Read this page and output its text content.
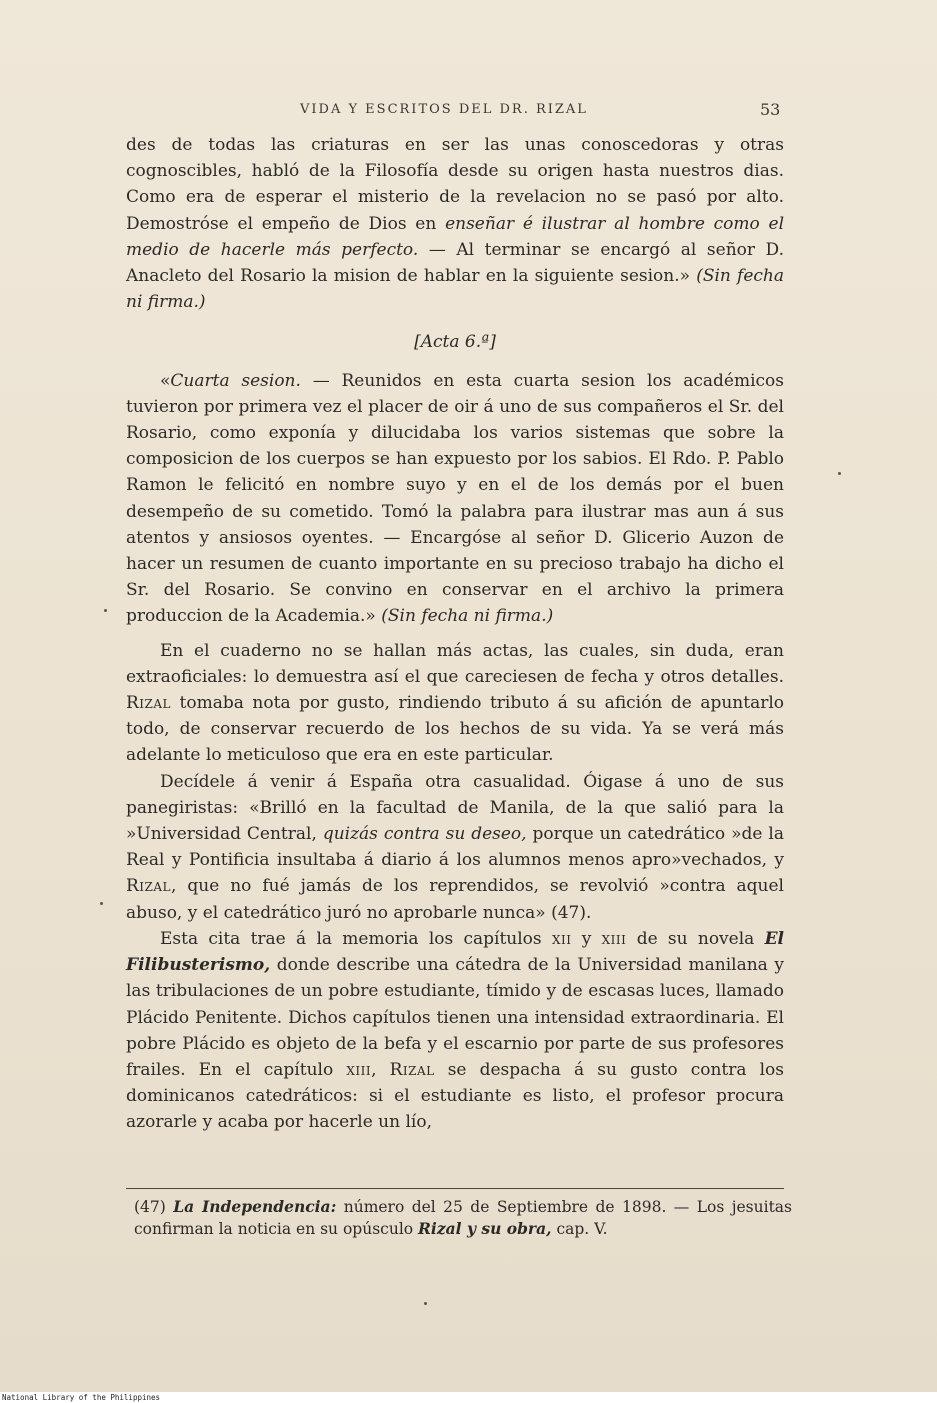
VIDA Y ESCRITOS DEL DR. RIZAL	53

des de todas las criaturas en ser las unas conoscedoras y otras cognoscibles, habló de la Filosofía desde su origen hasta nuestros dias. Como era de esperar el misterio de la revelacion no se pasó por alto. Demostróse el empeño de Dios en enseñar é ilustrar al hombre como el medio de hacerle más perfecto. — Al terminar se encargó al señor D. Anacleto del Rosario la mision de hablar en la siguiente sesion.» (Sin fecha ni firma.)

[Acta 6.ª]

«Cuarta sesion. — Reunidos en esta cuarta sesion los académicos tuvieron por primera vez el placer de oir á uno de sus compañeros el Sr. del Rosario, como exponía y dilucidaba los varios sistemas que sobre la composicion de los cuerpos se han expuesto por los sabios. El Rdo. P. Pablo Ramon le felicitó en nombre suyo y en el de los demás por el buen desempeño de su cometido. Tomó la palabra para ilustrar mas aun á sus atentos y ansiosos oyentes. — Encargóse al señor D. Glicerio Auzon de hacer un resumen de cuanto importante en su precioso trabajo ha dicho el Sr. del Rosario. Se convino en conservar en el archivo la primera produccion de la Academia.» (Sin fecha ni firma.)

En el cuaderno no se hallan más actas, las cuales, sin duda, eran extraoficiales: lo demuestra así el que careciesen de fecha y otros detalles. Rizal tomaba nota por gusto, rindiendo tributo á su afición de apuntarlo todo, de conservar recuerdo de los hechos de su vida. Ya se verá más adelante lo meticuloso que era en este particular.

Decídele á venir á España otra casualidad. Óigase á uno de sus panegiristas: «Brilló en la facultad de Manila, de la que salió para la »Universidad Central, quizás contra su deseo, porque un catedrático »de la Real y Pontificia insultaba á diario á los alumnos menos apro»vechados, y Rizal, que no fué jamás de los reprendidos, se revolvió »contra aquel abuso, y el catedrático juró no aprobarle nunca» (47).

Esta cita trae á la memoria los capítulos xii y xiii de su novela El Filibusterismo, donde describe una cátedra de la Universidad manilana y las tribulaciones de un pobre estudiante, tímido y de escasas luces, llamado Plácido Penitente. Dichos capítulos tienen una intensidad extraordinaria. El pobre Plácido es objeto de la befa y el escarnio por parte de sus profesores frailes. En el capítulo xiii, Rizal se despacha á su gusto contra los dominicanos catedráticos: si el estudiante es listo, el profesor procura azorarle y acaba por hacerle un lío,

(47) La Independencia: número del 25 de Septiembre de 1898. — Los jesuitas confirman la noticia en su opúsculo Rizal y su obra, cap. V.

National Library of the Philippines
